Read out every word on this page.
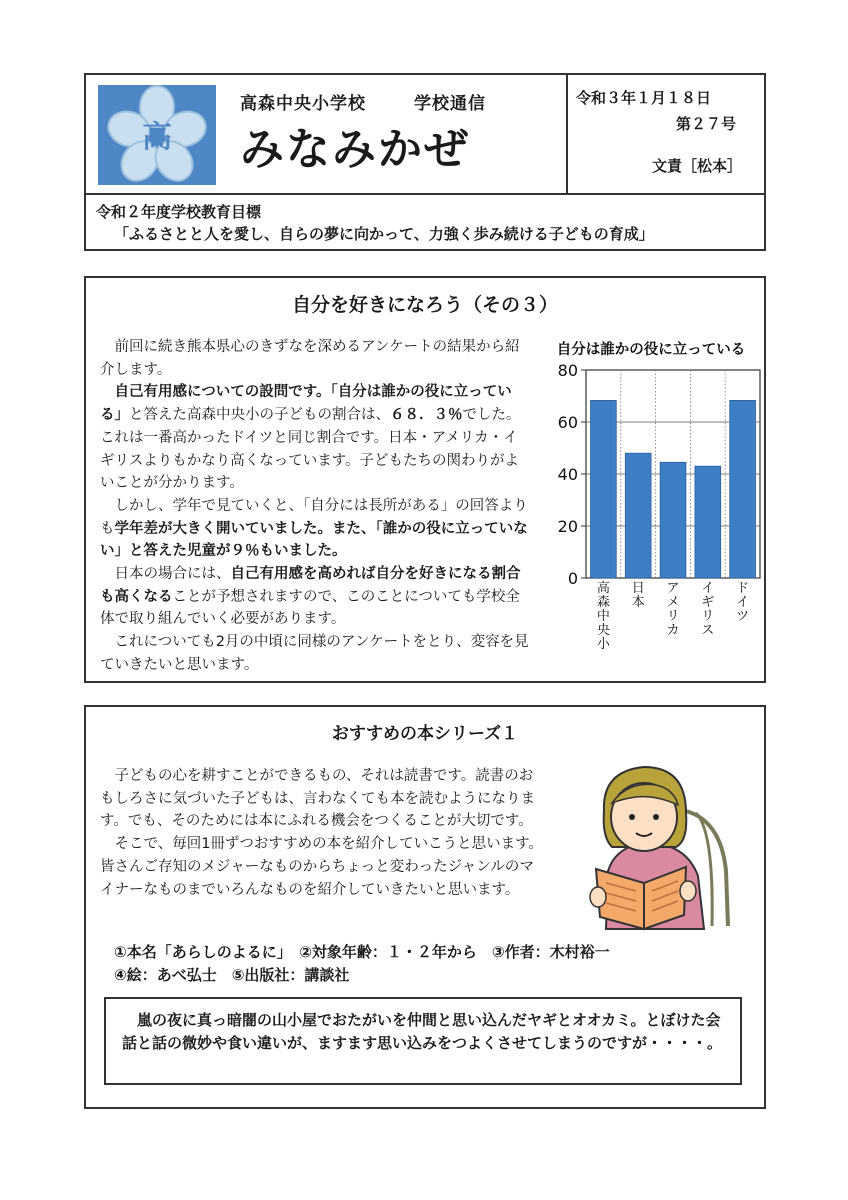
高
高森中央小学校	学校通信
みなみかぜ
令和３年１月１８日
第２７号
文責［松本］
令和２年度学校教育目標
「ふるさとと人を愛し、自らの夢に向かって、力強く歩み続ける子どもの育成」
自分を好きになろう（その３）

前回に続き熊本県心のきずなを深めるアンケートの結果から紹介します。

自己有用感についての設問です。「自分は誰かの役に立っている」と答えた高森中央小の子どもの割合は、６８．３％でした。これは一番高かったドイツと同じ割合です。日本・アメリカ・イギリスよりもかなり高くなっています。子どもたちの関わりがよいことが分かります。

しかし、学年で見ていくと、「自分には長所がある」の回答よりも学年差が大きく開いていました。また、「誰かの役に立っていない」と答えた児童が９％もいました。

日本の場合には、自己有用感を高めれば自分を好きになる割合も高くなることが予想されますので、このことについても学校全体で取り組んでいく必要があります。

これについても2月の中頃に同様のアンケートをとり、変容を見ていきたいと思います。

自分は誰かの役に立っている
0
20
40
60
80
高森中央小
日本
アメリカ
イギリス
ドイツ
おすすめの本シリーズ１

子どもの心を耕すことができるもの、それは読書です。読書のおもしろさに気づいた子どもは、言わなくても本を読むようになります。でも、そのためには本にふれる機会をつくることが大切です。

そこで、毎回1冊ずつおすすめの本を紹介していこうと思います。皆さんご存知のメジャーなものからちょっと変わったジャンルのマイナーなものまでいろんなものを紹介していきたいと思います。

①本名「あらしのよるに」　②対象年齢：１・２年から　③作者：木村裕一
④絵：あべ弘士　⑤出版社：講談社

嵐の夜に真っ暗闇の山小屋でおたがいを仲間と思い込んだヤギとオオカミ。とぼけた会話と話の微妙や食い違いが、ますます思い込みをつよくさせてしまうのですが・・・・。
